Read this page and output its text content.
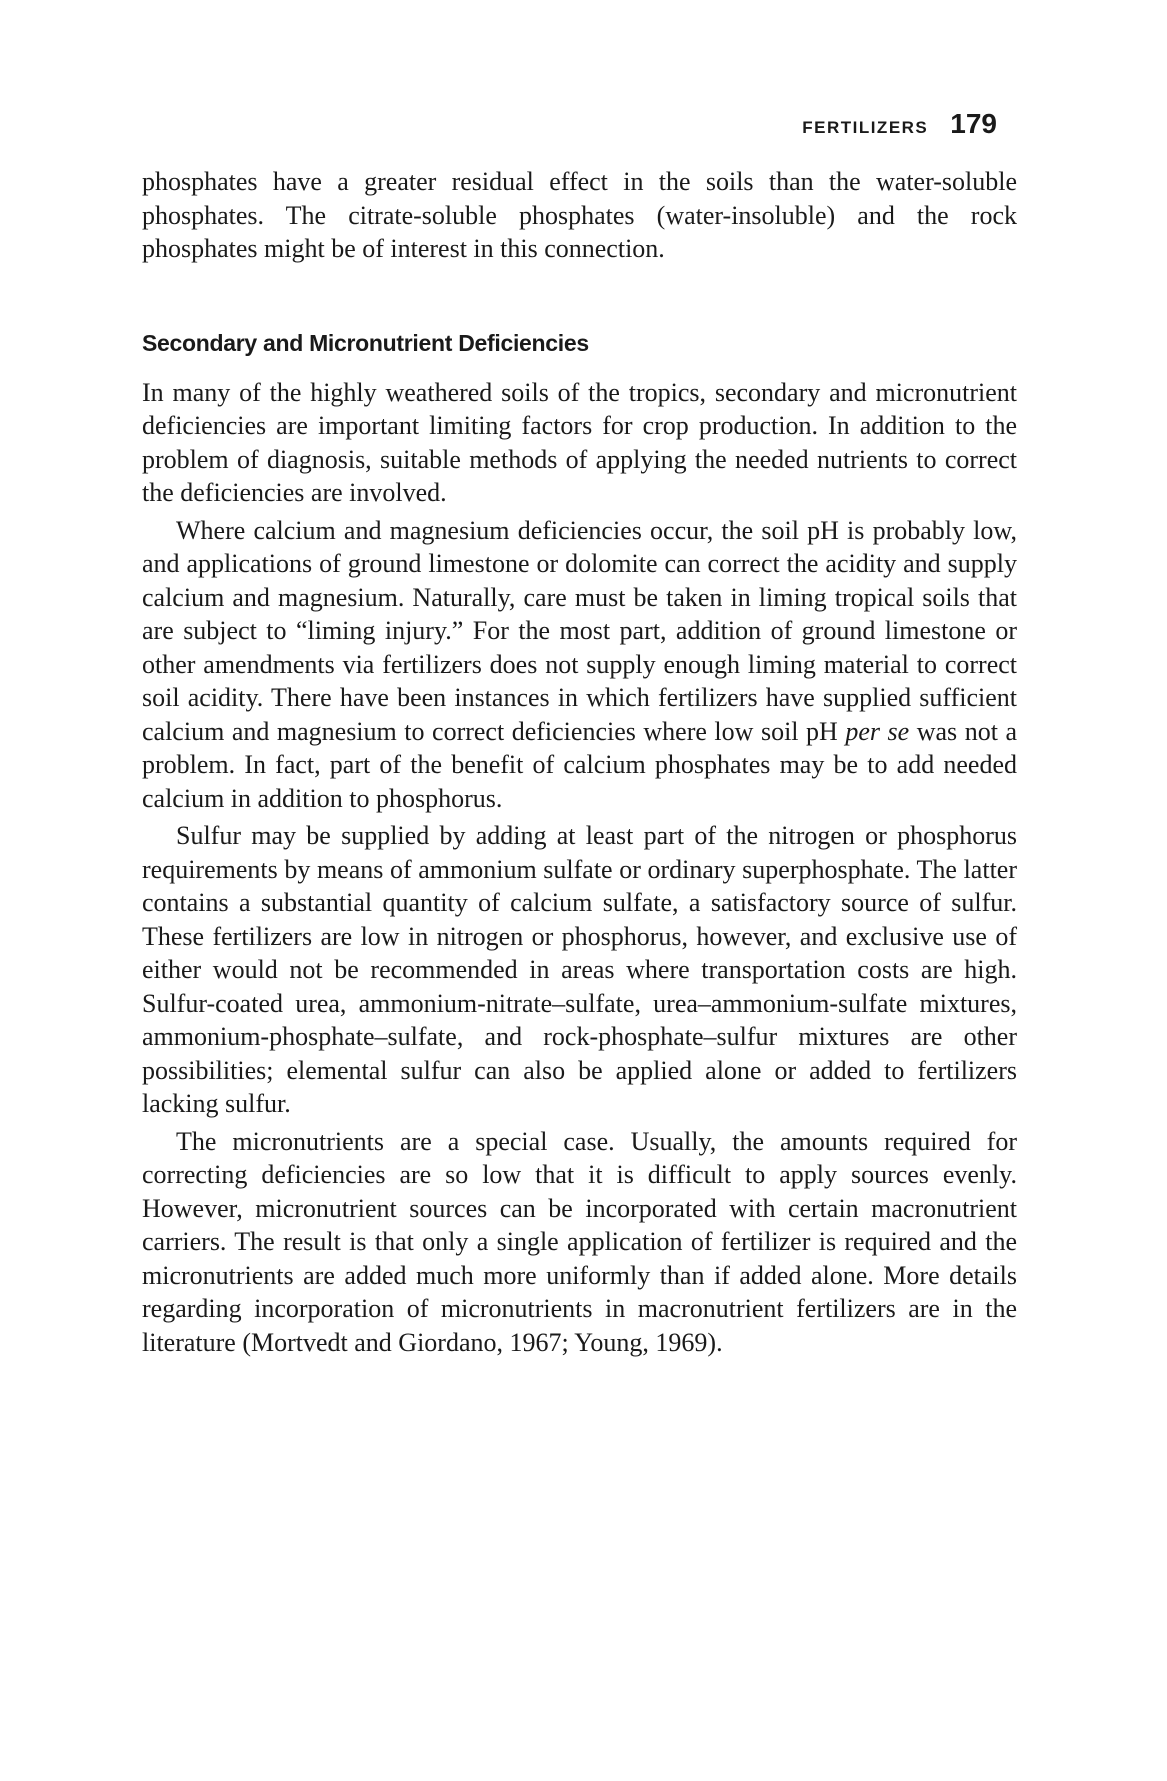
FERTILIZERS 179

phosphates have a greater residual effect in the soils than the water-soluble phosphates. The citrate-soluble phosphates (water-insoluble) and the rock phosphates might be of interest in this connection.

Secondary and Micronutrient Deficiencies

In many of the highly weathered soils of the tropics, secondary and micronutrient deficiencies are important limiting factors for crop production. In addition to the problem of diagnosis, suitable methods of applying the needed nutrients to correct the deficiencies are involved.

Where calcium and magnesium deficiencies occur, the soil pH is probably low, and applications of ground limestone or dolomite can correct the acidity and supply calcium and magnesium. Naturally, care must be taken in liming tropical soils that are subject to “liming injury.” For the most part, addition of ground limestone or other amendments via fertilizers does not supply enough liming material to correct soil acidity. There have been instances in which fertilizers have supplied sufficient calcium and magnesium to correct deficiencies where low soil pH per se was not a problem. In fact, part of the benefit of calcium phosphates may be to add needed calcium in addition to phosphorus.

Sulfur may be supplied by adding at least part of the nitrogen or phosphorus requirements by means of ammonium sulfate or ordinary superphosphate. The latter contains a substantial quantity of calcium sulfate, a satisfactory source of sulfur. These fertilizers are low in nitrogen or phosphorus, however, and exclusive use of either would not be recommended in areas where transportation costs are high. Sulfur-coated urea, ammonium-nitrate–sulfate, urea–ammonium-sulfate mixtures, ammonium-phosphate–sulfate, and rock-phosphate–sulfur mixtures are other possibilities; elemental sulfur can also be applied alone or added to fertilizers lacking sulfur.

The micronutrients are a special case. Usually, the amounts required for correcting deficiencies are so low that it is difficult to apply sources evenly. However, micronutrient sources can be incorporated with certain macronutrient carriers. The result is that only a single application of fertilizer is required and the micronutrients are added much more uniformly than if added alone. More details regarding incorporation of micronutrients in macronutrient fertilizers are in the literature (Mortvedt and Giordano, 1967; Young, 1969).
